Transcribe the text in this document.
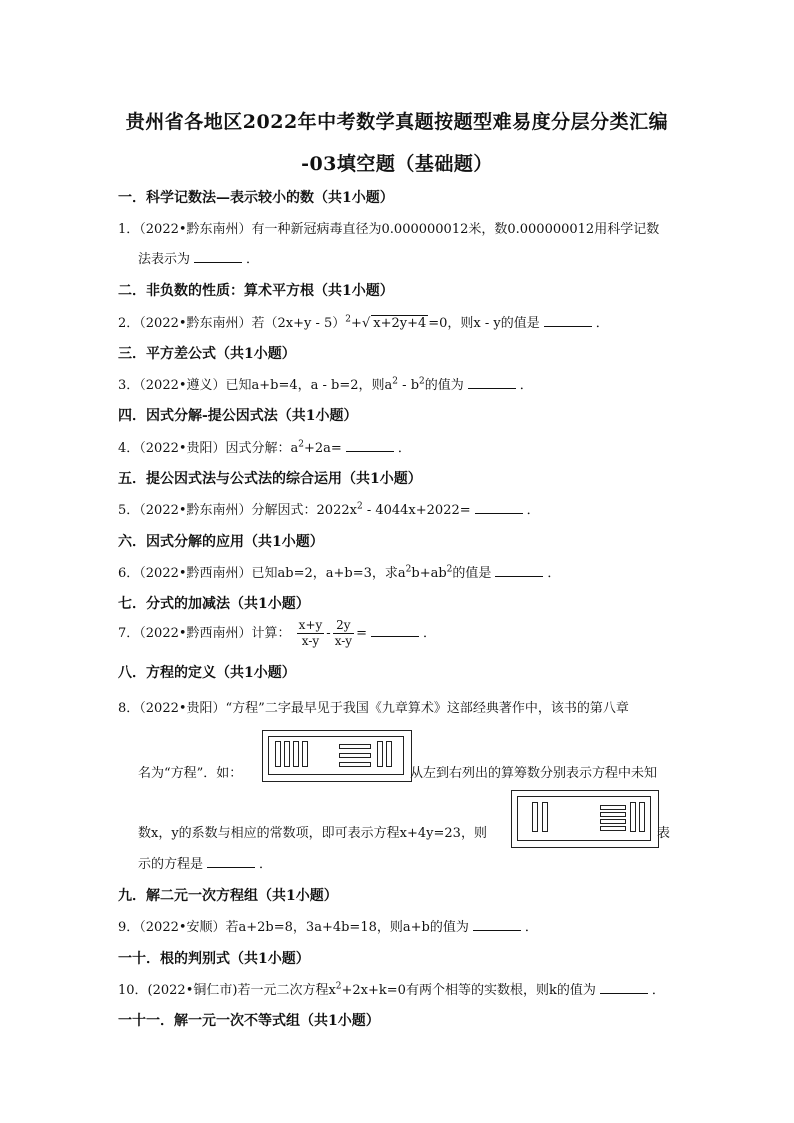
贵州省各地区2022年中考数学真题按题型难易度分层分类汇编
-03填空题（基础题）
一．科学记数法—表示较小的数（共1小题）
1．（2022•黔东南州）有一种新冠病毒直径为0.000000012米，数0.000000012用科学记数
法表示为	．
二．非负数的性质：算术平方根（共1小题）
2．（2022•黔东南州）若$(2x+y - 5)^2+√$ x+2y+4 =0，则x - y的值是	．
三．平方差公式（共1小题）
3．（2022•遵义）已知a+b=4，a - b=2，则$a^2 - b^2$的值为	．
四．因式分解-提公因式法（共1小题）
4．（2022•贵阳）因式分解：$a^2+2a=$	．
五．提公因式法与公式法的综合运用（共1小题）
5．（2022•黔东南州）分解因式：$2022x^2 - 4044x+2022=$	．
六．因式分解的应用（共1小题）
6．（2022•黔西南州）已知ab=2，a+b=3，求$a^2b+ab^2$的值是	．
七．分式的加减法（共1小题）
7．（2022•黔西南州）计算： $\frac{x+y}{x-y} - \frac{2y}{x-y}$ =	．
八．方程的定义（共1小题）
8．（2022•贵阳）“方程”二字最早见于我国《九章算术》这部经典著作中，该书的第八章
名为“方程”．如：	从左到右列出的算筹数分别表示方程中未知
数x，y的系数与相应的常数项，即可表示方程x+4y=23，则	表
示的方程是	．
九．解二元一次方程组（共1小题）
9．（2022•安顺）若a+2b=8，3a+4b=18，则a+b的值为	．
一十．根的判别式（共1小题）
10．(2022•铜仁市)若一元二次方程$x^2+2x+k=0$有两个相等的实数根，则k的值为	．
一十一．解一元一次不等式组（共1小题）
